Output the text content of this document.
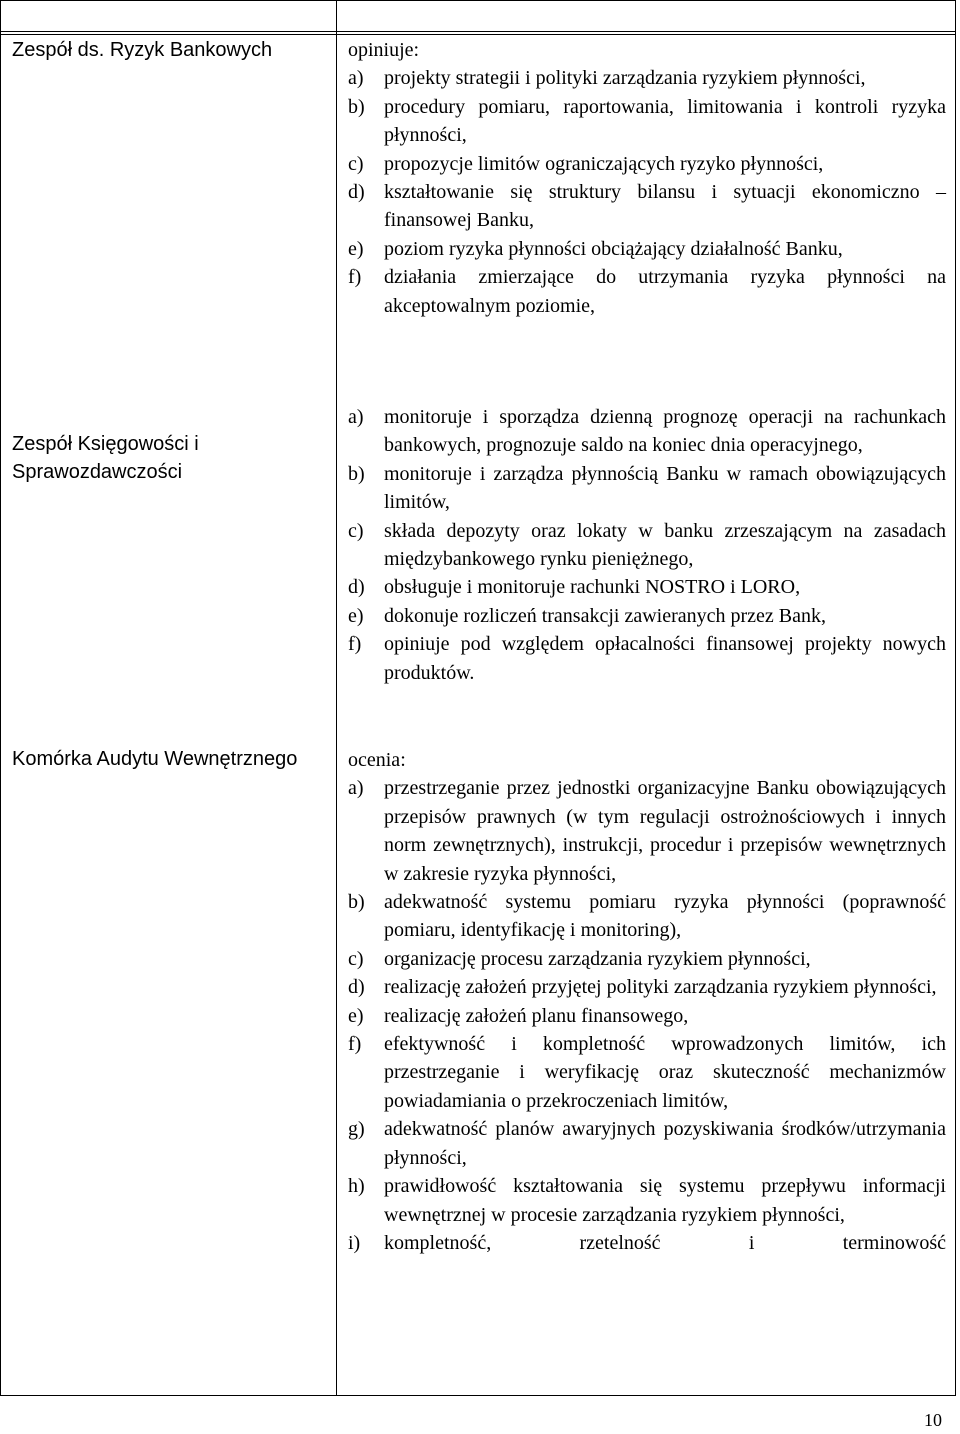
Zespół ds. Ryzyk Bankowych	opiniuje:
a)	projekty strategii i polityki zarządzania ryzykiem płynności,
b) procedury pomiaru, raportowania, limitowania i kontroli ryzyka płynności,
c)	propozycje limitów ograniczających ryzyko płynności,
d) kształtowanie się struktury bilansu i sytuacji ekonomiczno – finansowej Banku,
e)	poziom ryzyka płynności obciążający działalność Banku,
f)	działania zmierzające do utrzymania ryzyka płynności na akceptowalnym poziomie,
Zespół Księgowości i Sprawozdawczości
a)	monitoruje i sporządza dzienną prognozę operacji na rachunkach bankowych, prognozuje saldo na koniec dnia operacyjnego,
b) monitoruje i zarządza płynnością Banku w ramach obowiązujących limitów,
c)	składa depozyty oraz lokaty w banku zrzeszającym na zasadach międzybankowego rynku pieniężnego,
d) obsługuje i monitoruje rachunki NOSTRO i LORO,
e)	dokonuje rozliczeń transakcji zawieranych przez Bank,
f)	opiniuje pod względem opłacalności finansowej projekty nowych produktów.
Komórka Audytu Wewnętrznego	ocenia:
a)	przestrzeganie przez jednostki organizacyjne Banku obowiązujących przepisów prawnych (w tym regulacji ostrożnościowych i innych norm zewnętrznych), instrukcji, procedur i przepisów wewnętrznych w zakresie ryzyka płynności,
b) adekwatność systemu pomiaru ryzyka płynności (poprawność pomiaru, identyfikację i monitoring),
c)	organizację procesu zarządzania ryzykiem płynności,
d) realizację założeń przyjętej polityki zarządzania ryzykiem płynności,
e)	realizację założeń planu finansowego,
f)	efektywność i kompletność wprowadzonych limitów, ich przestrzeganie i weryfikację oraz skuteczność mechanizmów powiadamiania o przekroczeniach limitów,
g) adekwatność planów awaryjnych pozyskiwania środków/utrzymania płynności,
h) prawidłowość kształtowania się systemu przepływu informacji wewnętrznej w procesie zarządzania ryzykiem płynności,
i)	kompletność, rzetelność i terminowość
10
